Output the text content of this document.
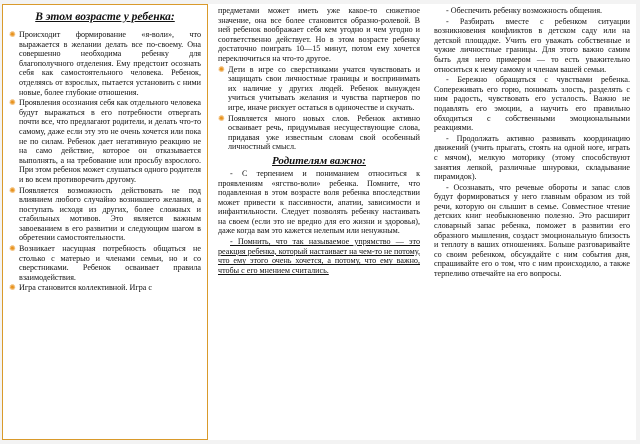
В этом возрасте у ребенка:

✺ Происходит формирование «я-воли», что выражается в желании делать все по-своему. Она совершенно необходима ребенку для благополучного отделения. Ему предстоит осознать себя как самостоятельного человека. Ребенок, отделяясь от взрослых, пытается установить с ними новые, более глубокие отношения.

✺ Проявления осознания себя как отдельного человека будут выражаться в его потребности отвергать почти все, что предлагают родители, и делать что-то самому, даже если эту это не очень хочется или пока не по силам. Ребенок дает негативную реакцию не на само действие, которое он отказывается выполнять, а на требование или просьбу взрослого. При этом ребенок может слушаться одного родителя и во всем противоречить другому.

✺ Появляется возможность действовать не под влиянием любого случайно возникшего желания, а поступать исходя из других, более сложных и стабильных мотивов. Это является важным завоеванием в его развитии и следующим шагом в обретении самостоятельности.

✺ Возникает насущная потребность общаться не столько с матерью и членами семьи, но и со сверстниками. Ребенок осваивает правила взаимодействия.

✺ Игра становится коллективной. Игра с

предметами может иметь уже какое-то сюжетное значение, она все более становится образно-ролевой. В ней ребенок воображает себя кем угодно и чем угодно и соответственно действует. Но в этом возрасте ребенку достаточно поиграть 10—15 минут, потом ему хочется переключиться на что-то другое.

✺ Дети в игре со сверстниками учатся чувствовать и защищать свои личностные границы и воспринимать их наличие у других людей. Ребенок вынужден учиться учитывать желания и чувства партнеров по игре, иначе рискует остаться в одиночестве и скучать.

✺ Появляется много новых слов. Ребенок активно осваивает речь, придумывая несуществующие слова, придавая уже известным словам свой особенный личностный смысл.

Родителям важно:

- С терпением и пониманием относиться к проявлениям «ягство-воли» ребенка. Помните, что подавленная в этом возрасте воля ребенка впоследствии может привести к пассивности, апатии, зависимости и инфантильности. Следует позволять ребенку настаивать на своем (если это не вредно для его жизни и здоровья), даже когда вам это кажется нелепым или ненужным.

- Помнить, что так называемое упрямство — это реакция ребенка, который настаивает на чем-то не потому, что ему этого очень хочется, а потому, что ему важно, чтобы с его мнением считались.

- Обеспечить ребенку возможность общения.

- Разбирать вместе с ребенком ситуации возникновения конфликтов в детском саду или на детской площадке. Учить его уважать собственные и чужие личностные границы. Для этого важно самим быть для него примером — то есть уважительно относиться к нему самому и членам вашей семьи.

- Бережно обращаться с чувствами ребенка. Сопереживать его горю, понимать злость, разделять с ним радость, чувствовать его усталость. Важно не подавлять его эмоции, а научить его правильно обходиться с собственными эмоциональными реакциями.

- Продолжать активно развивать координацию движений (учить прыгать, стоять на одной ноге, играть с мячом), мелкую моторику (этому способствуют занятия лепкой, различные шнуровки, складывание пирамидок).

- Осознавать, что речевые обороты и запас слов будут формироваться у него главным образом из той речи, которую он слышит в семье. Совместное чтение детских книг необыкновенно полезно. Это расширит словарный запас ребенка, поможет в развитии его образного мышления, создаст эмоциональную близость и теплоту в ваших отношениях. Больше разговаривайте со своим ребенком, обсуждайте с ним события дня, спрашивайте его о том, что с ним происходило, а также терпеливо отвечайте на его вопросы.
